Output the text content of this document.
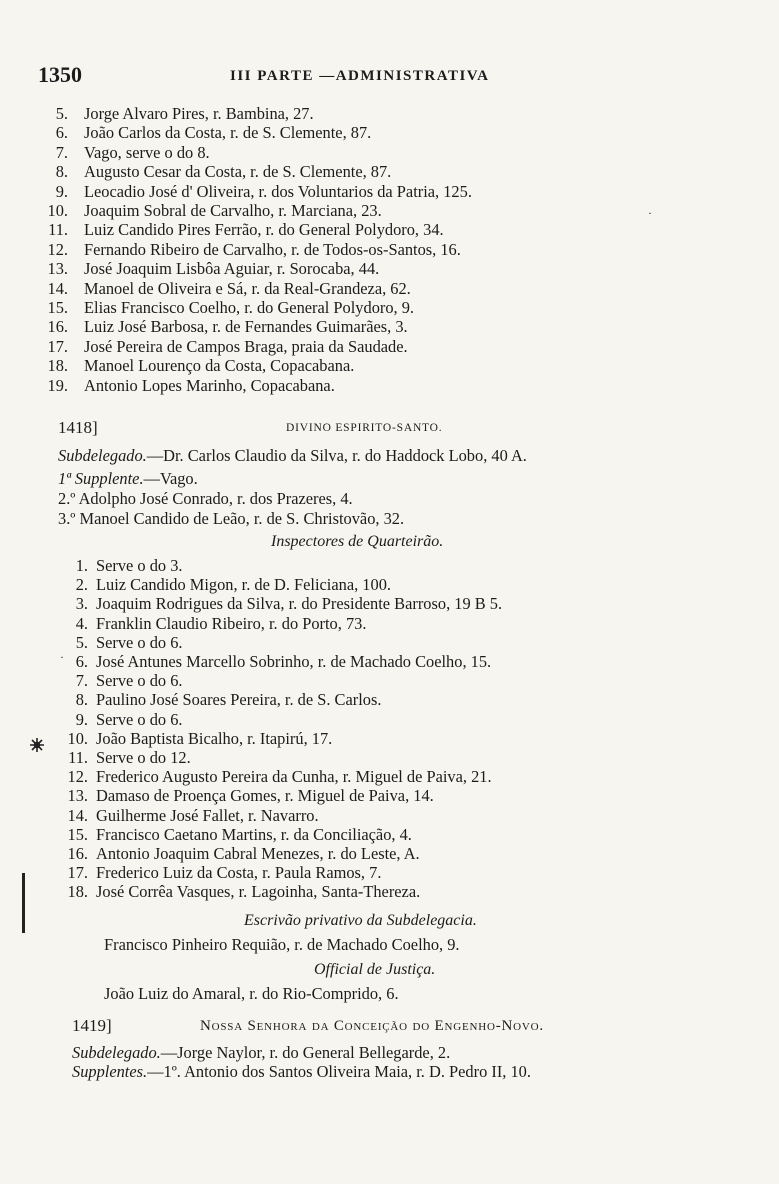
1350	III PARTE —ADMINISTRATIVA
5. Jorge Alvaro Pires, r. Bambina, 27.
6. João Carlos da Costa, r. de S. Clemente, 87.
7. Vago, serve o do 8.
8. Augusto Cesar da Costa, r. de S. Clemente, 87.
9. Leocadio José d' Oliveira, r. dos Voluntarios da Patria, 125.
10. Joaquim Sobral de Carvalho, r. Marciana, 23.
11. Luiz Candido Pires Ferrão, r. do General Polydoro, 34.
12. Fernando Ribeiro de Carvalho, r. de Todos-os-Santos, 16.
13. José Joaquim Lisbôa Aguiar, r. Sorocaba, 44.
14. Manoel de Oliveira e Sá, r. da Real-Grandeza, 62.
15. Elias Francisco Coelho, r. do General Polydoro, 9.
16. Luiz José Barbosa, r. de Fernandes Guimarães, 3.
17. José Pereira de Campos Braga, praia da Saudade.
18. Manoel Lourenço da Costa, Copacabana.
19. Antonio Lopes Marinho, Copacabana.
1418]	DIVINO ESPIRITO-SANTO.
Subdelegado.—Dr. Carlos Claudio da Silva, r. do Haddock Lobo, 40 A.
1ª Supplente.—Vago.
2.º Adolpho José Conrado, r. dos Prazeres, 4.
3.º Manoel Candido de Leão, r. de S. Christovão, 32.
Inspectores de Quarteirão.
1. Serve o do 3.
2. Luiz Candido Migon, r. de D. Feliciana, 100.
3. Joaquim Rodrigues da Silva, r. do Presidente Barroso, 19 B 5.
4. Franklin Claudio Ribeiro, r. do Porto, 73.
5. Serve o do 6.
6. José Antunes Marcello Sobrinho, r. de Machado Coelho, 15.
7. Serve o do 6.
8. Paulino José Soares Pereira, r. de S. Carlos.
9. Serve o do 6.
10. João Baptista Bicalho, r. Itapirú, 17.
11. Serve o do 12.
12. Frederico Augusto Pereira da Cunha, r. Miguel de Paiva, 21.
13. Damaso de Proença Gomes, r. Miguel de Paiva, 14.
14. Guilherme José Fallet, r. Navarro.
15. Francisco Caetano Martins, r. da Conciliação, 4.
16. Antonio Joaquim Cabral Menezes, r. do Leste, A.
17. Frederico Luiz da Costa, r. Paula Ramos, 7.
18. José Corrêa Vasques, r. Lagoinha, Santa-Thereza.
Escrivão privativo da Subdelegacia.
Francisco Pinheiro Requião, r. de Machado Coelho, 9.
Official de Justiça.
João Luiz do Amaral, r. do Rio-Comprido, 6.
1419]	Nossa Senhora da Conceição do Engenho-Novo.
Subdelegado.—Jorge Naylor, r. do General Bellegarde, 2.
Supplentes.—1º. Antonio dos Santos Oliveira Maia, r. D. Pedro II, 10.
·
·
